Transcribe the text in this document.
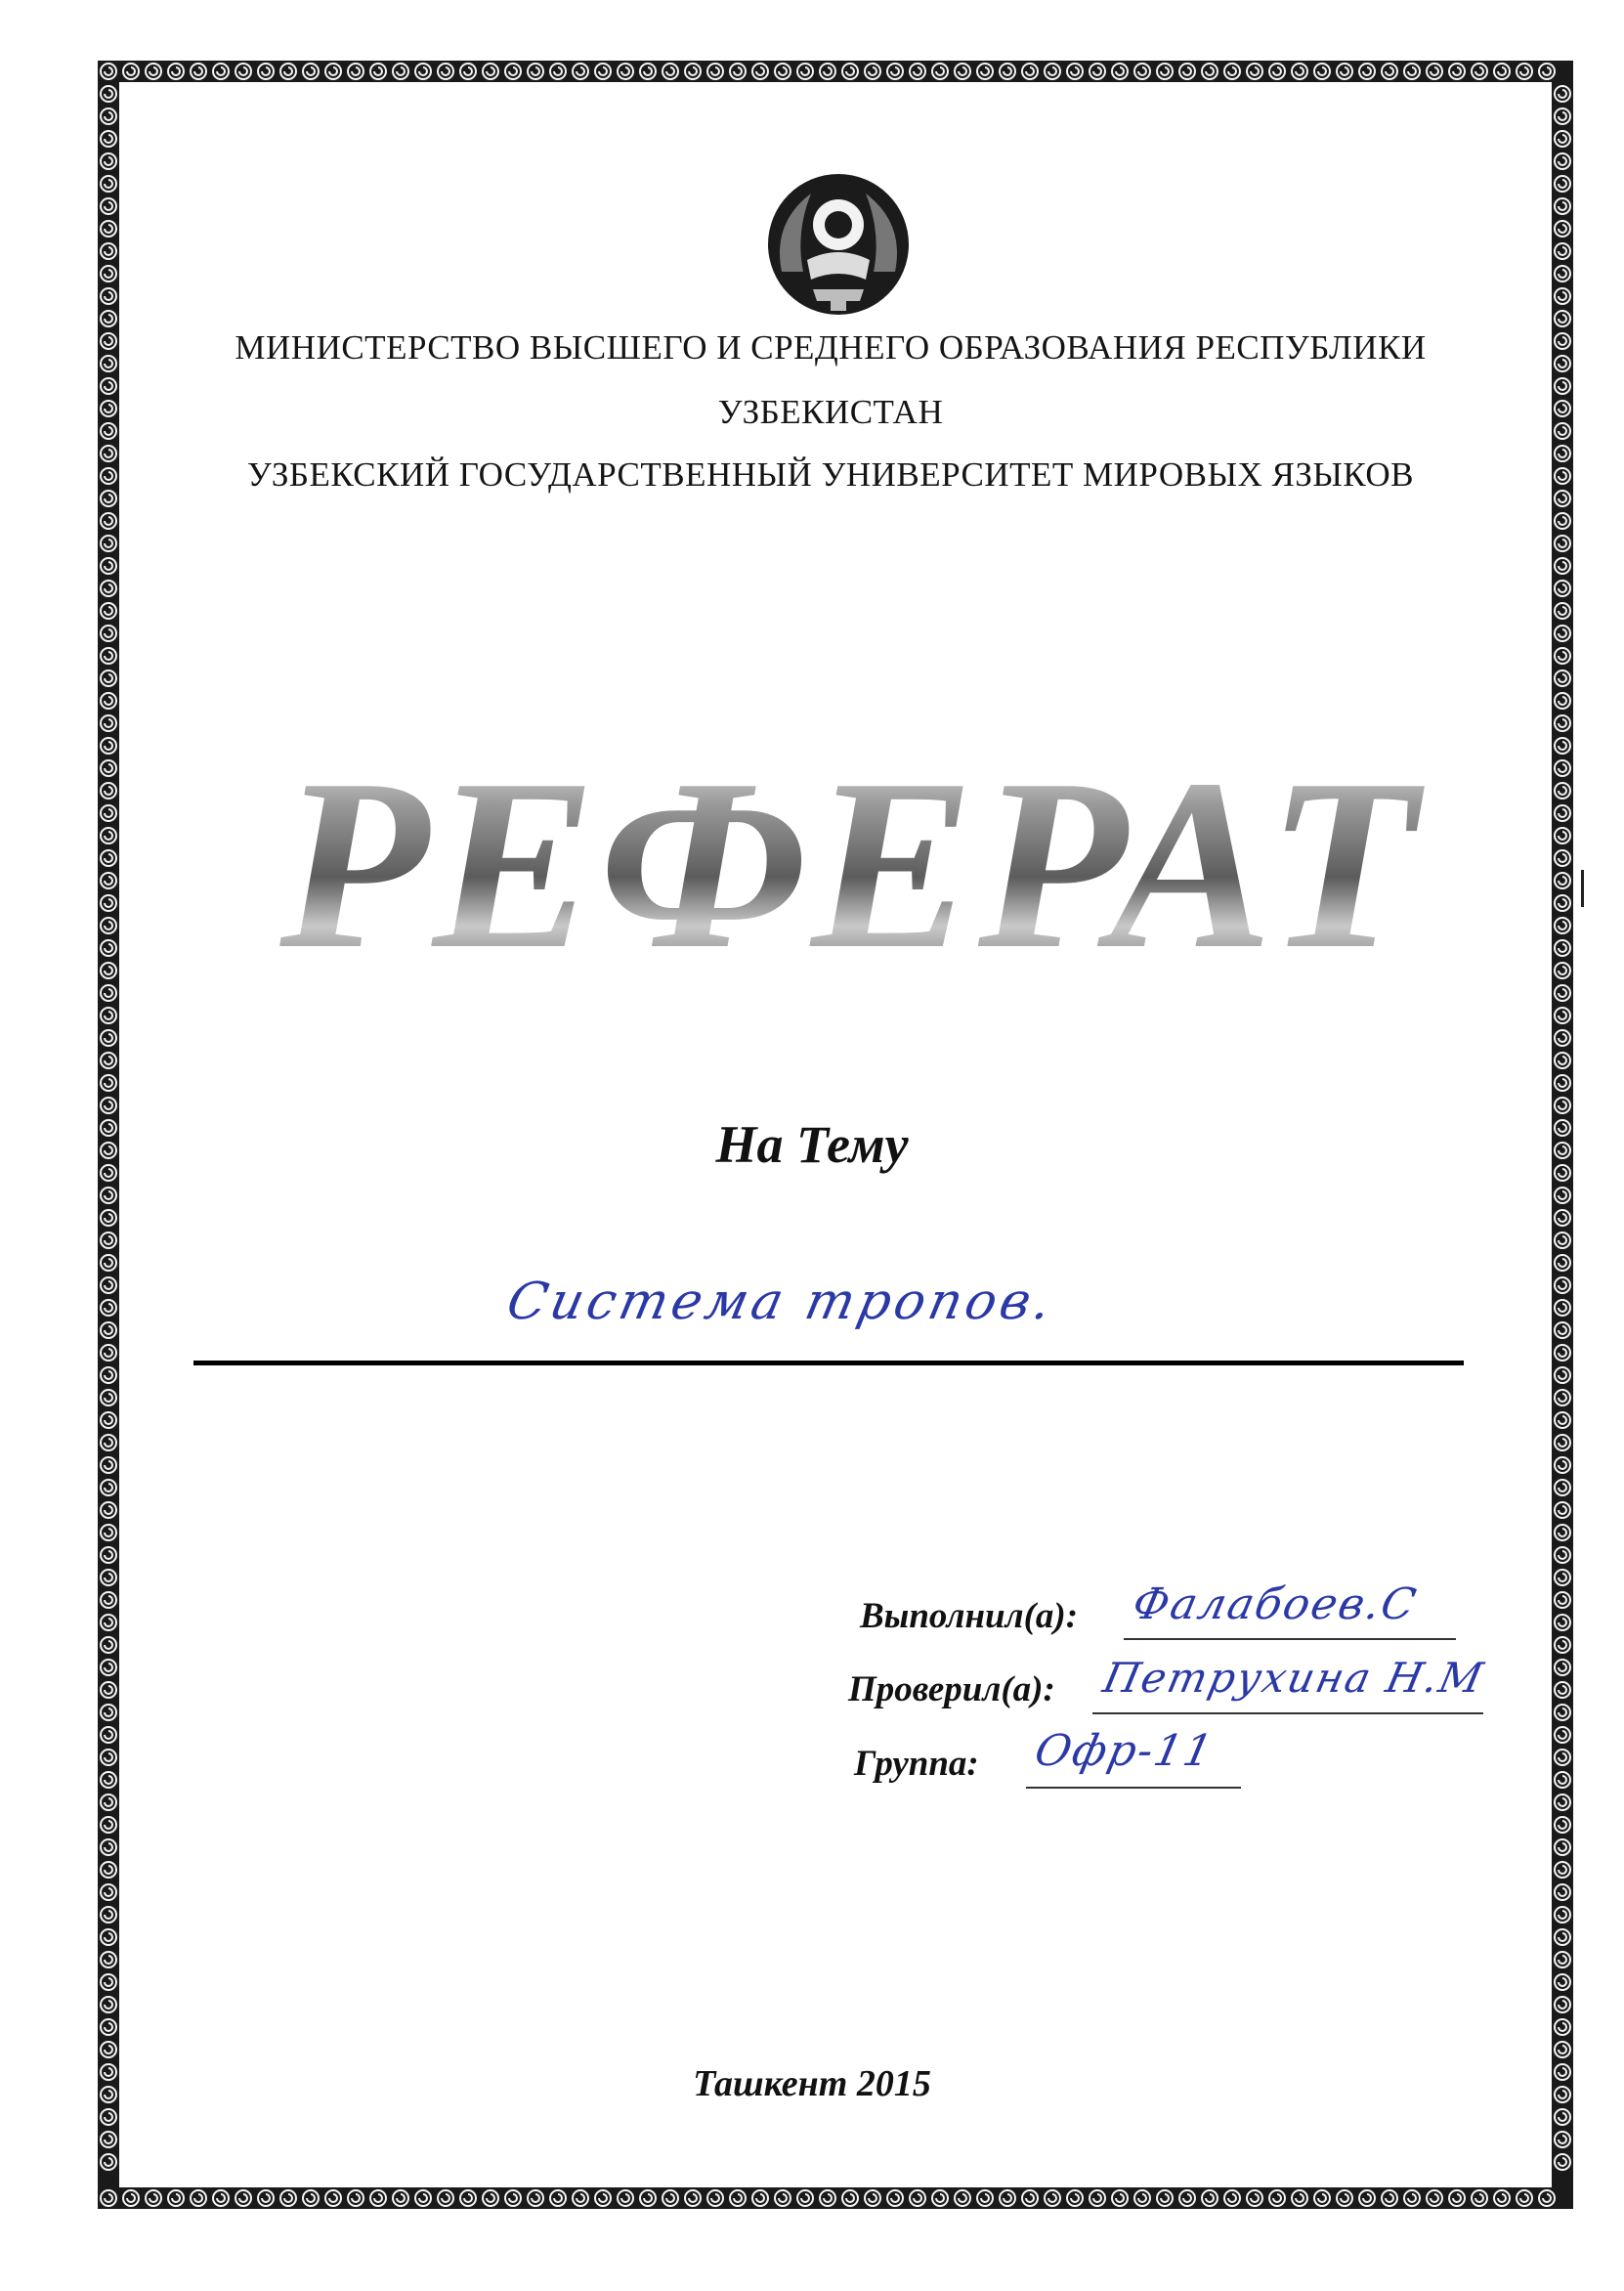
МИНИСТЕРСТВО ВЫСШЕГО И СРЕДНЕГО ОБРАЗОВАНИЯ РЕСПУБЛИКИ
УЗБЕКИСТАН
УЗБЕКСКИЙ ГОСУДАРСТВЕННЫЙ УНИВЕРСИТЕТ МИРОВЫХ ЯЗЫКОВ
РЕФЕРАТ
На Тему
Система тропов.
Выполнил(а): Фалабоев.С
Проверил(а): Петрухина Н.М
Группа: Офр-11
Ташкент 2015
